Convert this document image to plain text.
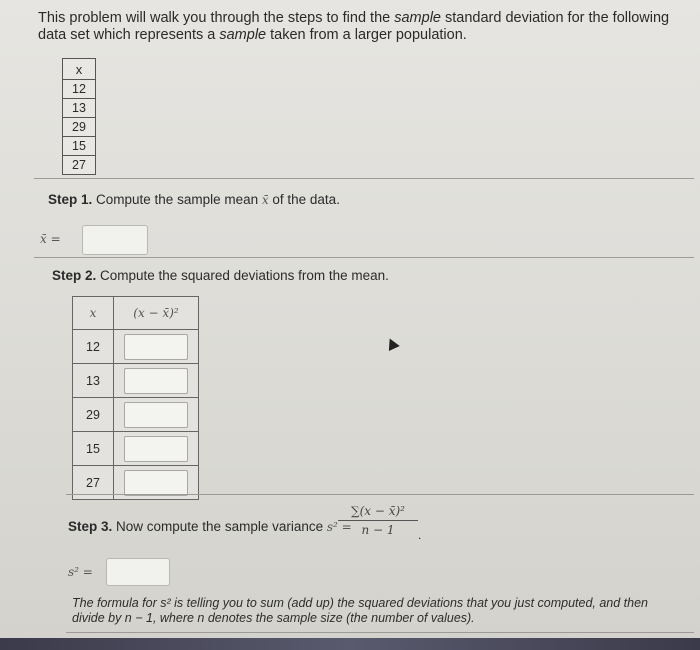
This problem will walk you through the steps to find the sample standard deviation for the following data set which represents a sample taken from a larger population.
x
12
13
29
15
27
Step 1. Compute the sample mean x̄ of the data.
x̄ =
Step 2. Compute the squared deviations from the mean.
x	(x − x̄)²
12	
13	
29	
15	
27	
Step 3. Now compute the sample variance s² =
$\frac{\text{∑(x − x̄)²}}{n - 1}$ .
s² =
The formula for s² is telling you to sum (add up) the squared deviations that you just computed, and then divide by n − 1, where n denotes the sample size (the number of values).
